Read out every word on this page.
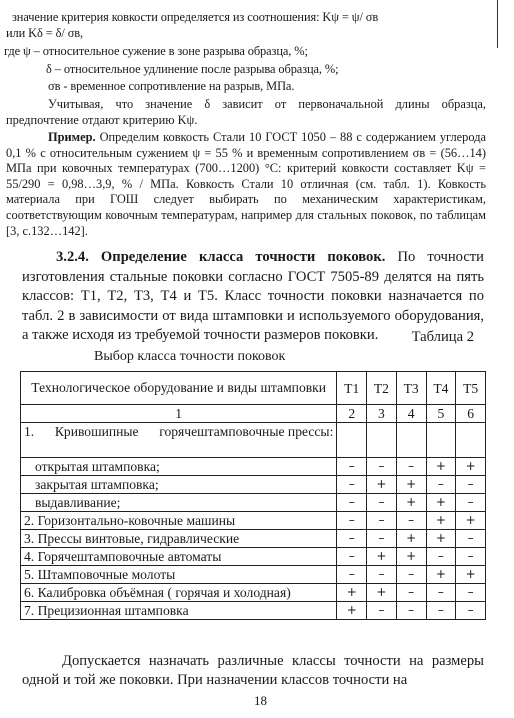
значение критерия ковкости определяется из соотношения: Kψ = ψ/ σв
или Kδ = δ/ σв,
где ψ – относительное сужение в зоне разрыва образца, %;
δ – относительное удлинение после разрыва образца, %;
σв - временное сопротивление на разрыв, МПа.
Учитывая, что значение δ зависит от первоначальной длины образца, предпочтение отдают критерию Kψ.
Пример. Определим ковкость Стали 10 ГОСТ 1050 – 88 с содержанием углерода 0,1 % с относительным сужением ψ = 55 % и временным сопротивлением σв = (56…14) МПа при ковочных температурах (700…1200) °С: критерий ковкости составляет Kψ = 55/290 = 0,98…3,9, % / МПа. Ковкость Стали 10 отличная (см. табл. 1). Ковкость материала при ГОШ следует выбирать по механическим характеристикам, соответствующим ковочным температурам, например для стальных поковок, по таблицам [3, с.132…142].
3.2.4. Определение класса точности поковок. По точности изготовления стальные поковки согласно ГОСТ 7505-89 делятся на пять классов: Т1, Т2, Т3, Т4 и Т5. Класс точности поковки назначается по табл. 2 в зависимости от вида штамповки и используемого оборудования, а также исходя из требуемой точности размеров поковки.	Таблица 2
Выбор класса точности поковок
Технологическое оборудование и виды штамповки	T1	T2	T3	T4	T5
1	2	3	4	5	6

1.      Кривошипные      горячештамповочные прессы:					

открытая штамповка;	–	–	–	+	+
закрытая штамповка;	–	+	+	–	–
выдавливание;	–	–	+	+	–
2. Горизонтально-ковочные машины	–	–	–	+	+
3. Прессы винтовые, гидравлические	–	–	+	+	–
4. Горячештамповочные автоматы	–	+	+	–	–
5. Штамповочные молоты	–	–	–	+	+
6. Калибровка объёмная ( горячая и холодная)	+	+	–	–	–
7. Прецизионная штамповка	+	–	–	–	–
Допускается назначать различные классы точности на размеры одной и той же поковки. При назначении классов точности на
18
